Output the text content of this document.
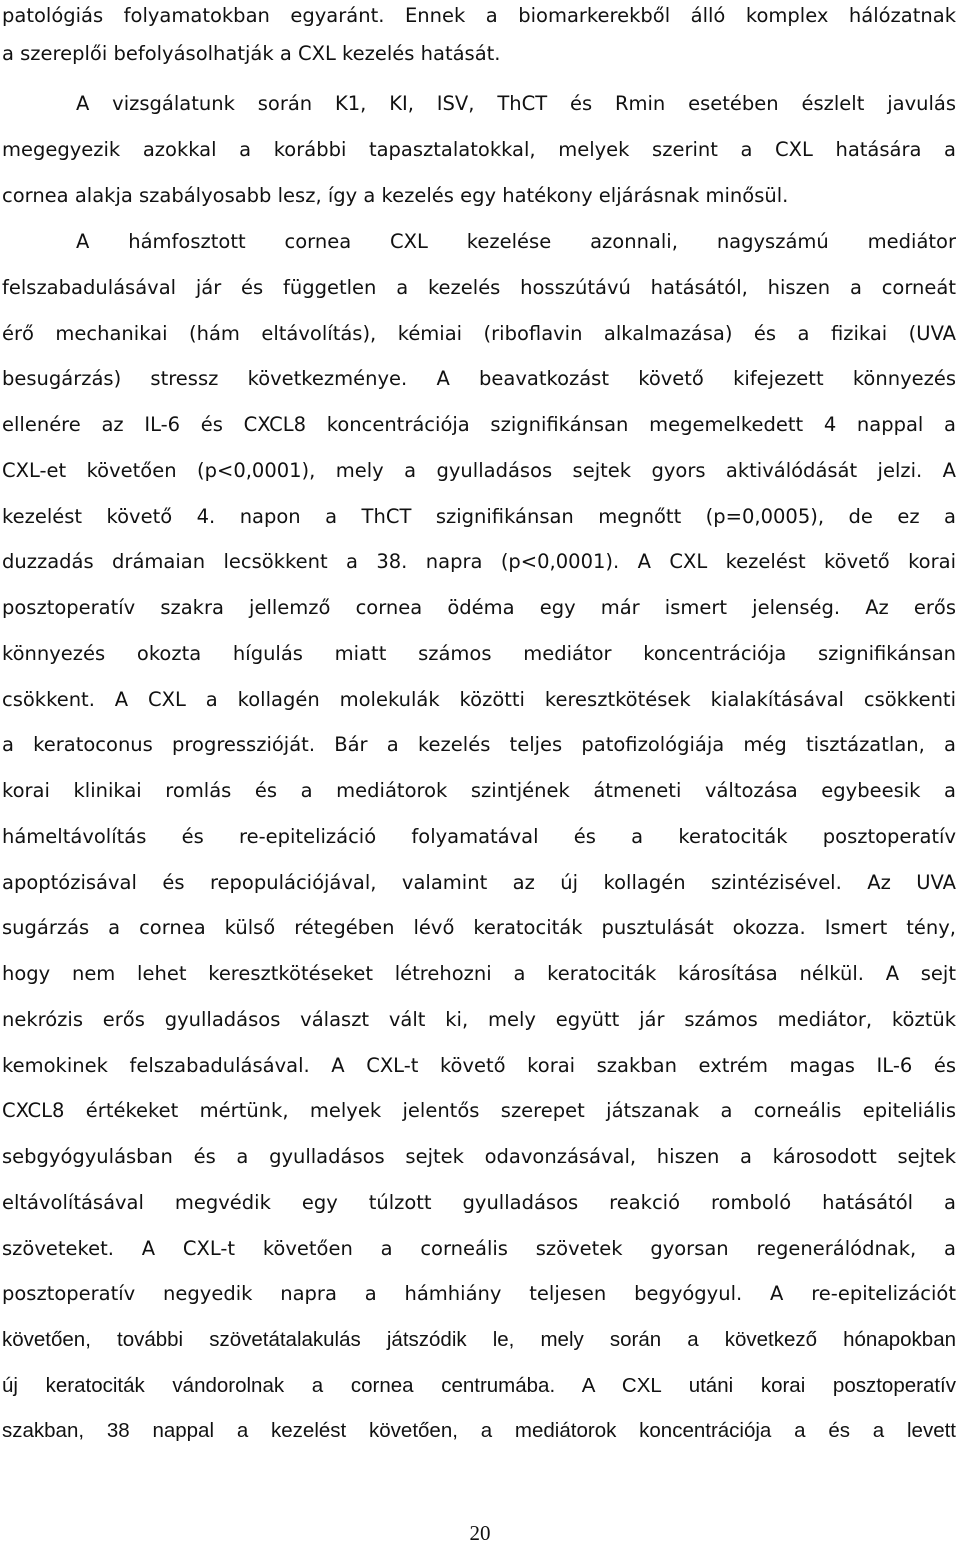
patológiás folyamatokban egyaránt. Ennek a biomarkerekből álló komplex hálózatnak
a szereplői befolyásolhatják a CXL kezelés hatását.
A vizsgálatunk során K1, KI, ISV, ThCT és Rmin esetében észlelt javulás
megegyezik azokkal a korábbi tapasztalatokkal, melyek szerint a CXL hatására a
cornea alakja szabályosabb lesz, így a kezelés egy hatékony eljárásnak minősül.
A hámfosztott cornea CXL kezelése azonnali, nagyszámú mediátor
felszabadulásával jár és független a kezelés hosszútávú hatásától, hiszen a corneát
érő mechanikai (hám eltávolítás), kémiai (riboflavin alkalmazása) és a fizikai (UVA
besugárzás) stressz következménye. A beavatkozást követő kifejezett könnyezés
ellenére az IL-6 és CXCL8 koncentrációja szignifikánsan megemelkedett 4 nappal a
CXL-et követően (p<0,0001), mely a gyulladásos sejtek gyors aktiválódását jelzi. A
kezelést követő 4. napon a ThCT szignifikánsan megnőtt (p=0,0005), de ez a
duzzadás drámaian lecsökkent a 38. napra (p<0,0001). A CXL kezelést követő korai
posztoperatív szakra jellemző cornea ödéma egy már ismert jelenség. Az erős
könnyezés okozta hígulás miatt számos mediátor koncentrációja szignifikánsan
csökkent. A CXL a kollagén molekulák közötti keresztkötések kialakításával csökkenti
a keratoconus progresszióját. Bár a kezelés teljes patofizológiája még tisztázatlan, a
korai klinikai romlás és a mediátorok szintjének átmeneti változása egybeesik a
hámeltávolítás és re-epitelizáció folyamatával és a keratociták posztoperatív
apoptózisával és repopulációjával, valamint az új kollagén szintézisével. Az UVA
sugárzás a cornea külső rétegében lévő keratociták pusztulását okozza. Ismert tény,
hogy nem lehet keresztkötéseket létrehozni a keratociták károsítása nélkül. A sejt
nekrózis erős gyulladásos választ vált ki, mely együtt jár számos mediátor, köztük
kemokinek felszabadulásával. A CXL-t követő korai szakban extrém magas IL-6 és
CXCL8 értékeket mértünk, melyek jelentős szerepet játszanak a corneális epiteliális
sebgyógyulásban és a gyulladásos sejtek odavonzásával, hiszen a károsodott sejtek
eltávolításával megvédik egy túlzott gyulladásos reakció romboló hatásától a
szöveteket. A CXL-t követően a corneális szövetek gyorsan regenerálódnak, a
posztoperatív negyedik napra a hámhiány teljesen begyógyul. A re-epitelizációt
követően, további szövetátalakulás játszódik le, mely során a következő hónapokban
új keratociták vándorolnak a cornea centrumába. A CXL utáni korai posztoperatív
szakban, 38 nappal a kezelést követően, a mediátorok koncentrációja a és a levett
20
